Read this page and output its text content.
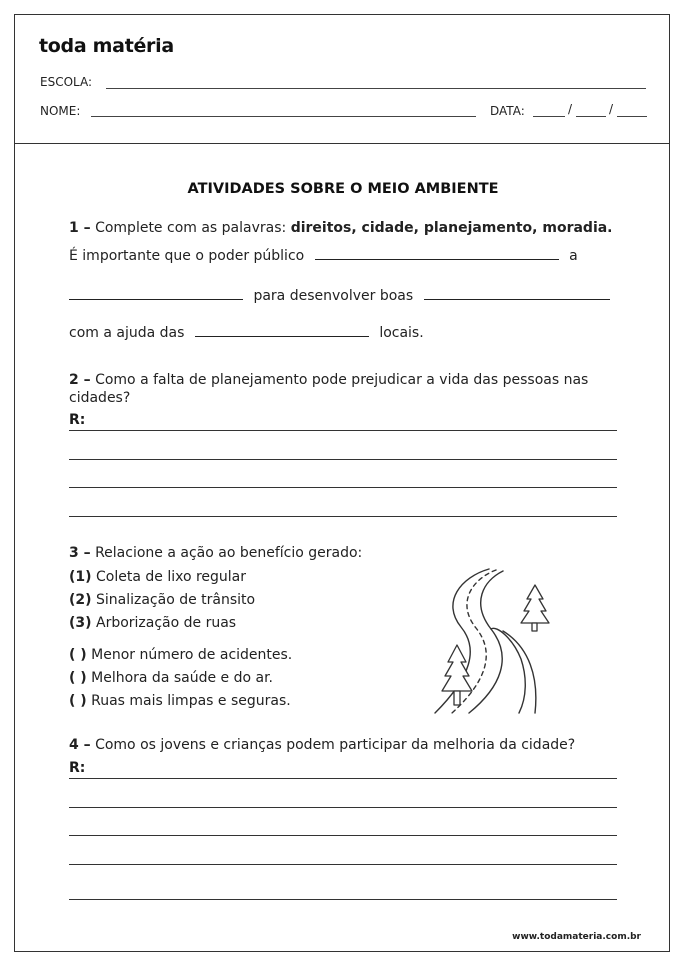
toda matéria
ESCOLA:
NOME:	DATA:	/	/
ATIVIDADES SOBRE O MEIO AMBIENTE
1 – Complete com as palavras: direitos, cidade, planejamento, moradia.
É importante que o poder público	a
para desenvolver boas
com a ajuda das	locais.
2 – Como a falta de planejamento pode prejudicar a vida das pessoas nas
cidades?
R:
3 – Relacione a ação ao benefício gerado:
(1) Coleta de lixo regular
(2) Sinalização de trânsito
(3) Arborização de ruas
( ) Menor número de acidentes.
( ) Melhora da saúde e do ar.
( ) Ruas mais limpas e seguras.
4 – Como os jovens e crianças podem participar da melhoria da cidade?
R:
www.todamateria.com.br
